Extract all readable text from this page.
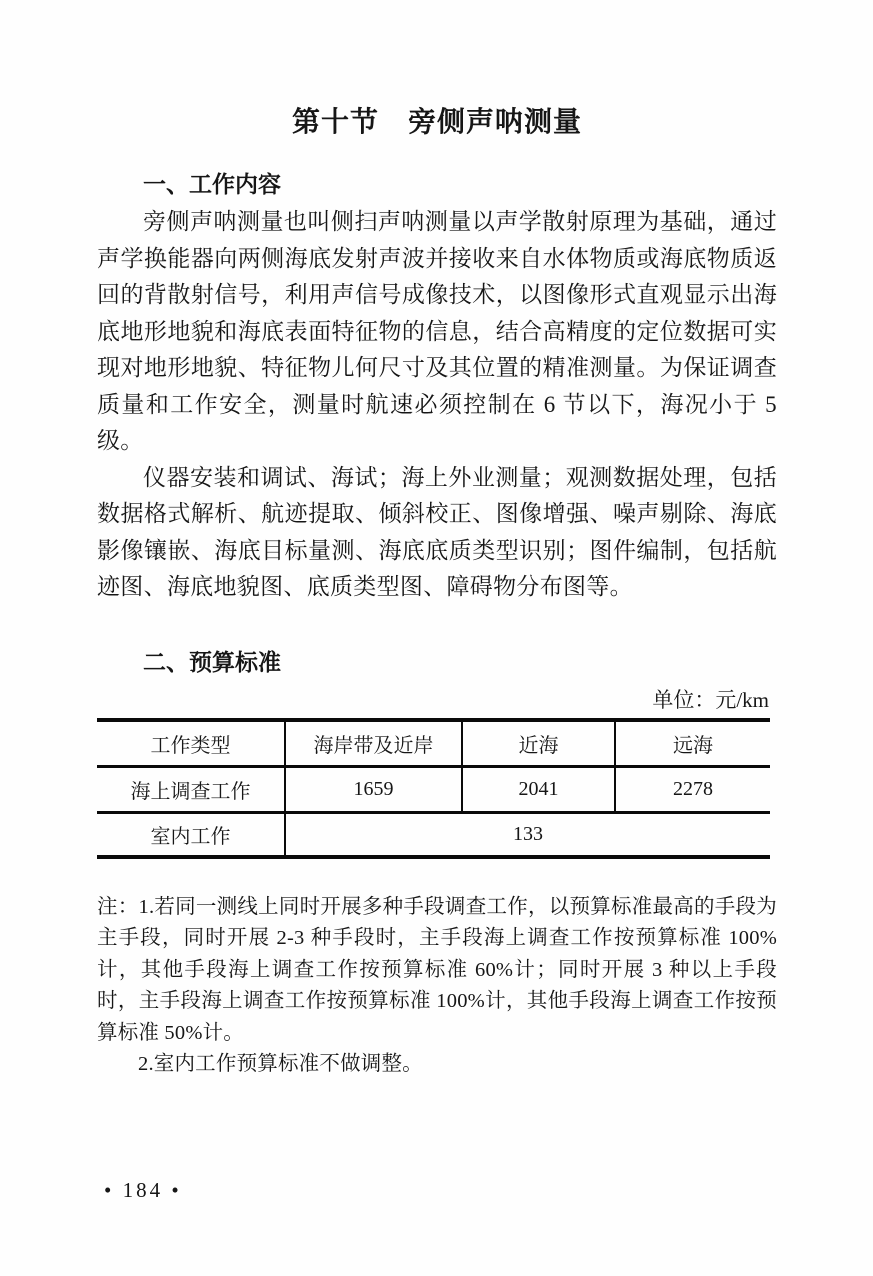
第十节　旁侧声呐测量
一、工作内容

旁侧声呐测量也叫侧扫声呐测量以声学散射原理为基础，通过声学换能器向两侧海底发射声波并接收来自水体物质或海底物质返回的背散射信号，利用声信号成像技术，以图像形式直观显示出海底地形地貌和海底表面特征物的信息，结合高精度的定位数据可实现对地形地貌、特征物儿何尺寸及其位置的精准测量。为保证调查质量和工作安全，测量时航速必须控制在 6 节以下，海况小于 5 级。

仪器安装和调试、海试；海上外业测量；观测数据处理，包括数据格式解析、航迹提取、倾斜校正、图像增强、噪声剔除、海底影像镶嵌、海底目标量测、海底底质类型识别；图件编制，包括航迹图、海底地貌图、底质类型图、障碍物分布图等。

二、预算标准
单位：元/km
工作类型	海岸带及近岸	近海	远海
海上调查工作	1659	2041	2278
室内工作	133		

注：1.若同一测线上同时开展多种手段调查工作，以预算标准最高的手段为主手段，同时开展 2-3 种手段时，主手段海上调查工作按预算标准 100%计，其他手段海上调查工作按预算标准 60%计；同时开展 3 种以上手段时，主手段海上调查工作按预算标准 100%计，其他手段海上调查工作按预算标准 50%计。

2.室内工作预算标准不做调整。

• 184 •
